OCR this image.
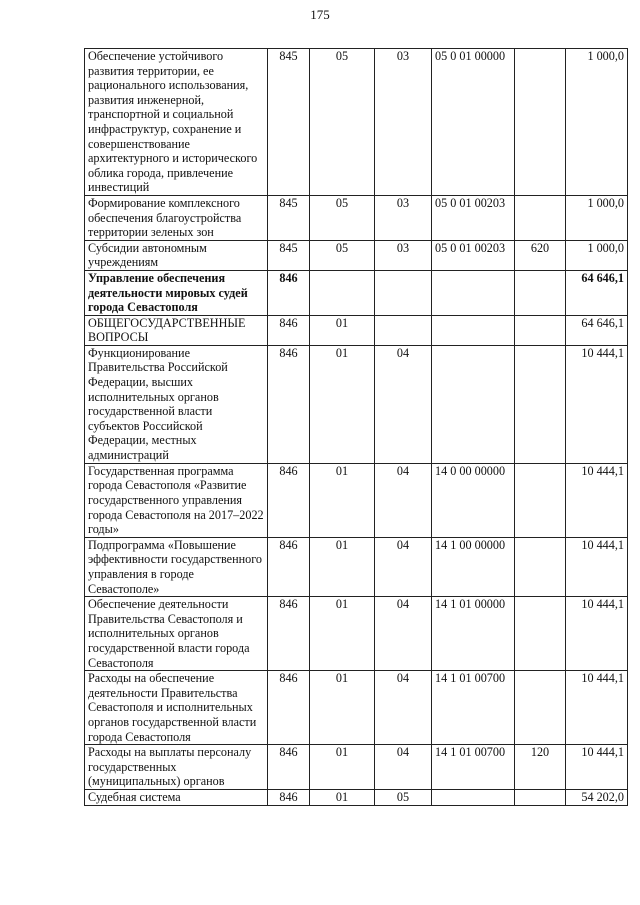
175
Обеспечение устойчивого развития территории, ее рационального использования, развития инженерной, транспортной и социальной инфраструктур, сохранение и совершенствование архитектурного и исторического облика города, привлечение инвестиций	845	05	03	05 0 01 00000		1 000,0
Формирование комплексного обеспечения благоустройства территории зеленых зон	845	05	03	05 0 01 00203		1 000,0
Субсидии автономным учреждениям	845	05	03	05 0 01 00203	620	1 000,0
Управление обеспечения деятельности мировых судей города Севастополя	846					64 646,1
ОБЩЕГОСУДАРСТВЕННЫЕ ВОПРОСЫ	846	01				64 646,1
Функционирование Правительства Российской Федерации, высших исполнительных органов государственной власти субъектов Российской Федерации, местных администраций	846	01	04			10 444,1
Государственная программа города Севастополя «Развитие государственного управления города Севастополя на 2017–2022 годы»	846	01	04	14 0 00 00000		10 444,1
Подпрограмма «Повышение эффективности государственного управления в городе Севастополе»	846	01	04	14 1 00 00000		10 444,1
Обеспечение деятельности Правительства Севастополя и исполнительных органов государственной власти города Севастополя	846	01	04	14 1 01 00000		10 444,1
Расходы на обеспечение деятельности Правительства Севастополя и исполнительных органов государственной власти города Севастополя	846	01	04	14 1 01 00700		10 444,1
Расходы на выплаты персоналу государственных (муниципальных) органов	846	01	04	14 1 01 00700	120	10 444,1
Судебная система	846	01	05			54 202,0
